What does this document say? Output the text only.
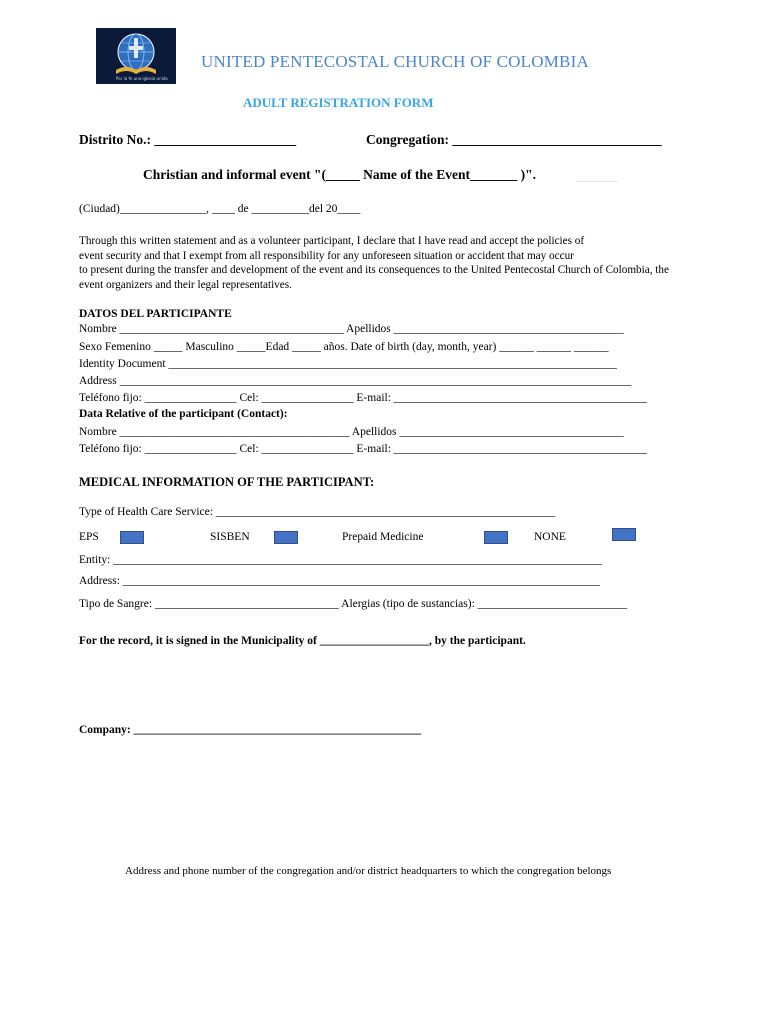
Por la fe una iglesia unida
UNITED PENTECOSTAL CHURCH OF COLOMBIA
ADULT REGISTRATION FORM
Distrito No.: _____________________	Congregation: _______________________________
Christian and informal event "(_____ Name of the Event_______ )".
(Ciudad)_______________, ____ de __________del 20____
Through this written statement and as a volunteer participant, I declare that I have read and accept the policies of
event security and that I exempt from all responsibility for any unforeseen situation or accident that may occur
to present during the transfer and development of the event and its consequences to the United Pentecostal Church of Colombia, the
event organizers and their legal representatives.
DATOS DEL PARTICIPANTE
Nombre _______________________________________ Apellidos ________________________________________
Sexo Femenino _____ Masculino _____Edad _____ años. Date of birth (day, month, year) ______ ______ ______
Identity Document ______________________________________________________________________________
Address _________________________________________________________________________________________
Teléfono fijo: ________________ Cel: ________________ E-mail: ____________________________________________
Data Relative of the participant (Contact):
Nombre ________________________________________ Apellidos _______________________________________
Teléfono fijo: ________________ Cel: ________________ E-mail: ____________________________________________
MEDICAL INFORMATION OF THE PARTICIPANT:
Type of Health Care Service: ___________________________________________________________
EPS	SISBEN	Prepaid Medicine	NONE
Entity: _____________________________________________________________________________________
Address: ___________________________________________________________________________________
Tipo de Sangre: ________________________________ Alergias (tipo de sustancias): __________________________
For the record, it is signed in the Municipality of ___________________, by the participant.
Company: __________________________________________________
Address and phone number of the congregation and/or district headquarters to which the congregation belongs
